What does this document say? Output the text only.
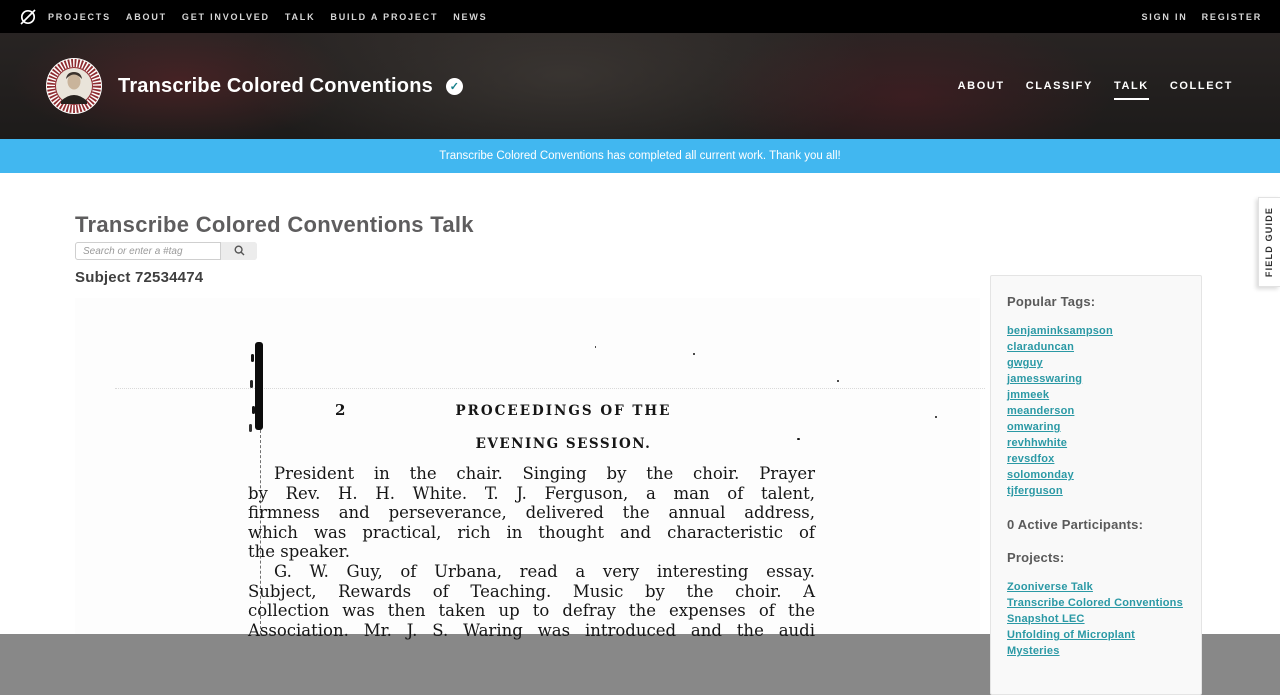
PROJECTS ABOUT GET INVOLVED TALK BUILD A PROJECT NEWS	SIGN IN REGISTER
Transcribe Colored Conventions	✓	ABOUT CLASSIFY TALK COLLECT
Transcribe Colored Conventions has completed all current work. Thank you all!
Transcribe Colored Conventions Talk
Search or enter a #tag
Subject 72534474
2	PROCEEDINGS OF THE
EVENING SESSION.
President in the chair. Singing by the choir. Prayer
by Rev. H. H. White. T. J. Ferguson, a man of talent,
firmness and perseverance, delivered the annual address,
which was practical, rich in thought and characteristic of
the speaker.
G. W. Guy, of Urbana, read a very interesting essay.
Subject, Rewards of Teaching. Music by the choir. A
collection was then taken up to defray the expenses of the
Association. Mr. J. S. Waring was introduced and the audi
Popular Tags:
benjaminksampson
claraduncan
gwguy
jamesswaring
jmmeek
meanderson
omwaring
revhhwhite
revsdfox
solomonday
tjferguson
0 Active Participants:
Projects:
Zooniverse Talk
Transcribe Colored Conventions
Snapshot LEC
Unfolding of Microplant Mysteries
FIELD GUIDE
